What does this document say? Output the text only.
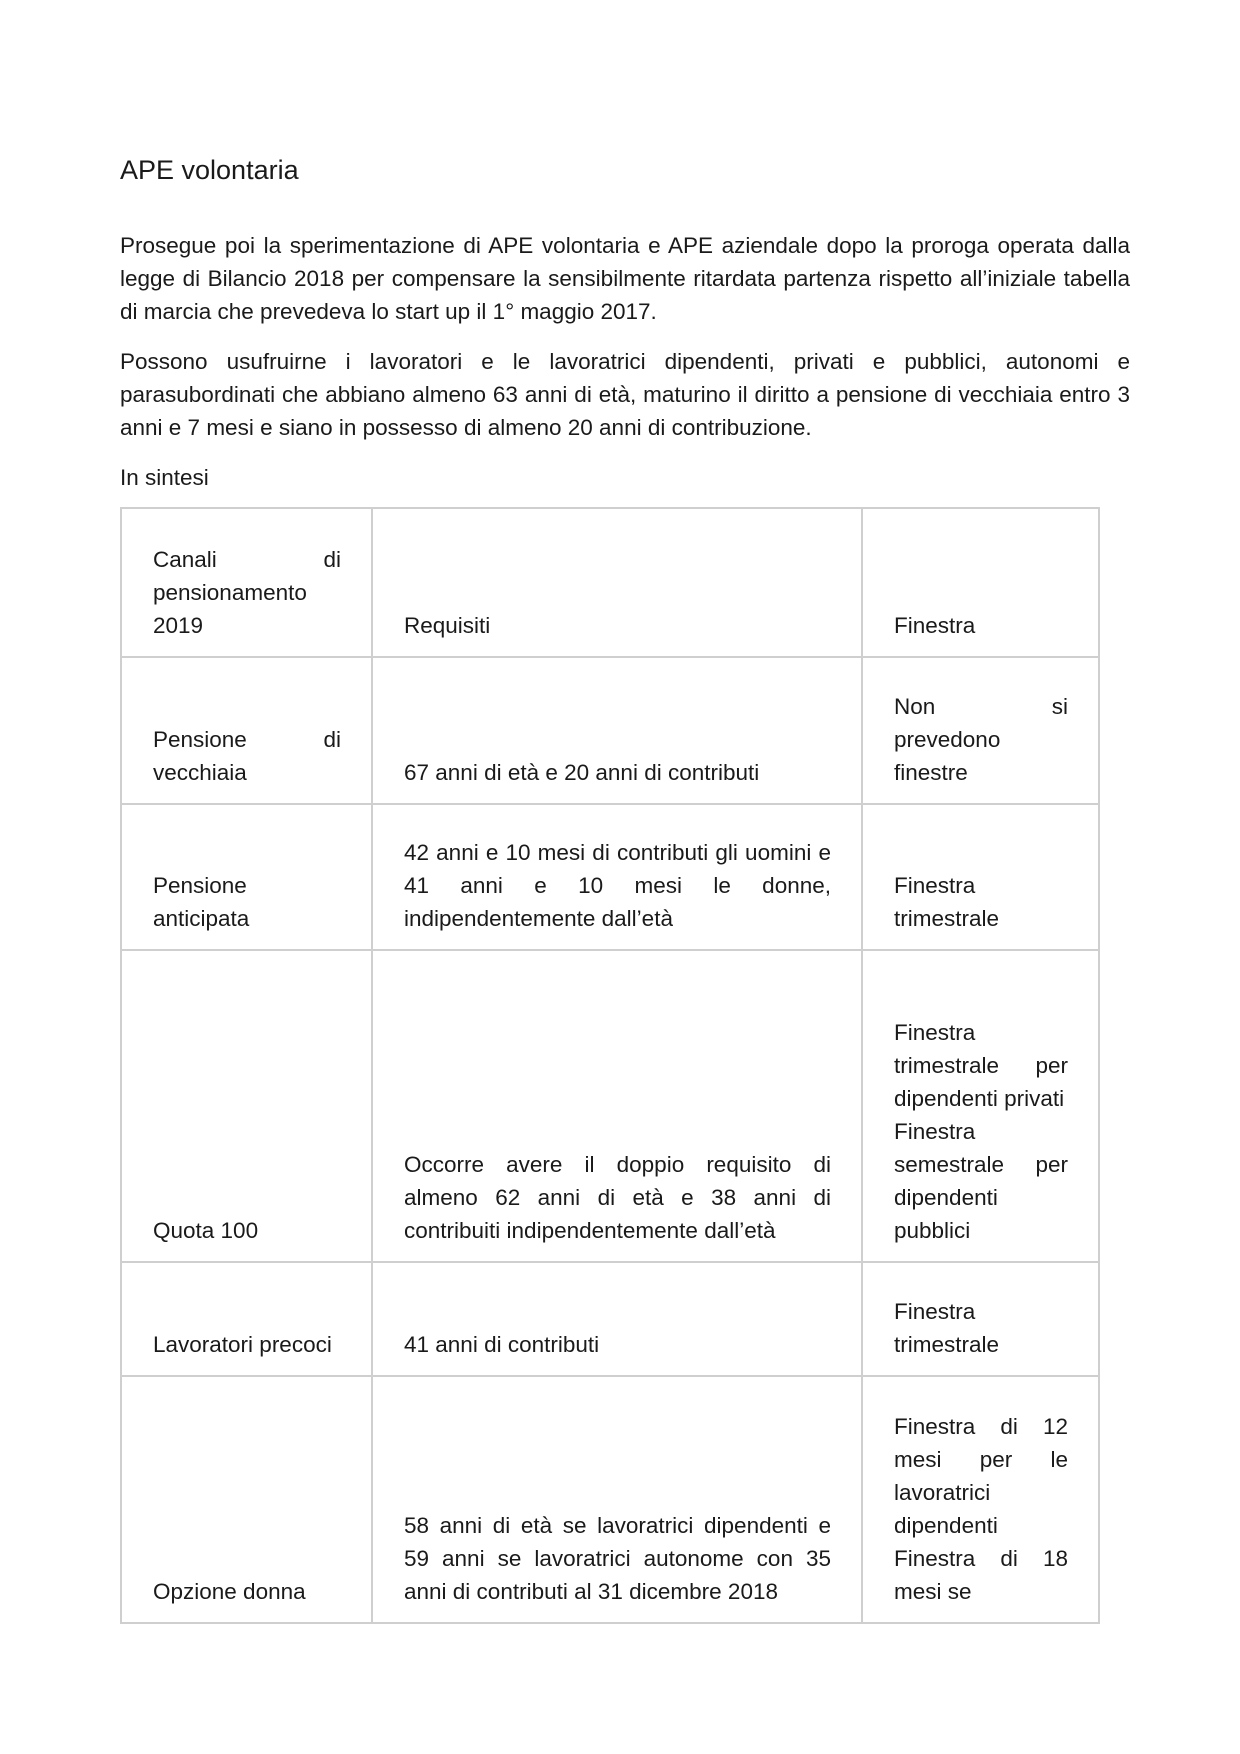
APE volontaria

Prosegue poi la sperimentazione di APE volontaria e APE aziendale dopo la proroga operata dalla legge di Bilancio 2018 per compensare la sensibilmente ritardata partenza rispetto all’iniziale tabella di marcia che prevedeva lo start up il 1° maggio 2017.

Possono usufruirne i lavoratori e le lavoratrici dipendenti, privati e pubblici, autonomi e parasubordinati che abbiano almeno 63 anni di età, maturino il diritto a pensione di vecchiaia entro 3 anni e 7 mesi e siano in possesso di almeno 20 anni di contribuzione.

In sintesi

Canali di pensionamento 2019	Requisiti	Finestra

Pensione di vecchiaia	67 anni di età e 20 anni di contributi	Non si prevedono finestre

Pensione anticipata	42 anni e 10 mesi di contributi gli uomini e 41 anni e 10 mesi le donne, indipendentemente dall’età	Finestra trimestrale

Quota 100	Occorre avere il doppio requisito di almeno 62 anni di età e 38 anni di contribuiti indipendentemente dall’età	Finestra trimestrale per dipendenti privati
Finestra semestrale per dipendenti pubblici

Lavoratori precoci	41 anni di contributi	Finestra trimestrale

Opzione donna	58 anni di età se lavoratrici dipendenti e 59 anni se lavoratrici autonome con 35 anni di contributi al 31 dicembre 2018	Finestra di 12 mesi per le lavoratrici dipendenti
Finestra di 18 mesi se
